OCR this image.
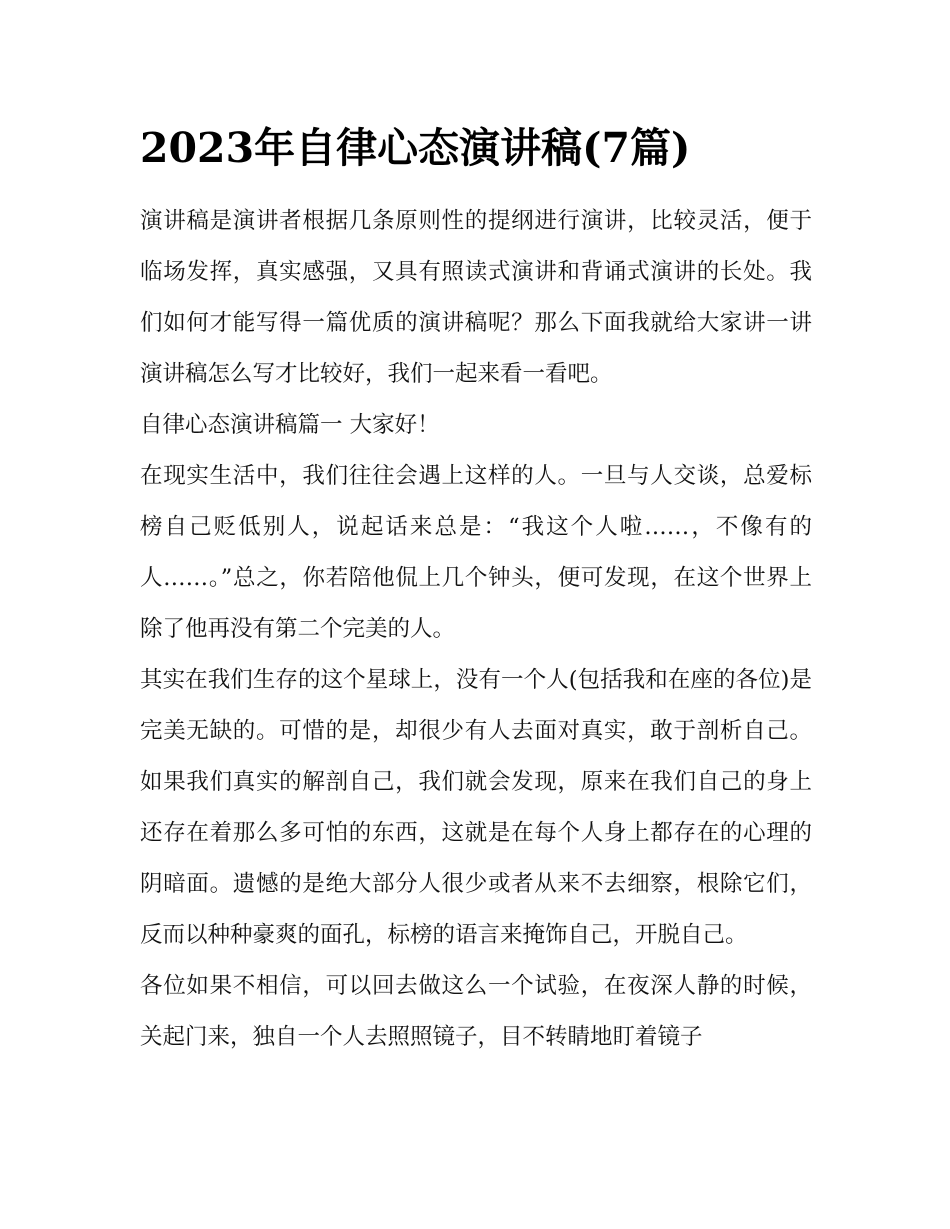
2023年自律心态演讲稿(7篇)

演讲稿是演讲者根据几条原则性的提纲进行演讲，比较灵活，便于临场发挥，真实感强，又具有照读式演讲和背诵式演讲的长处。我们如何才能写得一篇优质的演讲稿呢？那么下面我就给大家讲一讲演讲稿怎么写才比较好，我们一起来看一看吧。

自律心态演讲稿篇一 大家好！

在现实生活中，我们往往会遇上这样的人。一旦与人交谈，总爱标榜自己贬低别人，说起话来总是：“我这个人啦……，不像有的人……。”总之，你若陪他侃上几个钟头，便可发现，在这个世界上除了他再没有第二个完美的人。

其实在我们生存的这个星球上，没有一个人(包括我和在座的各位)是完美无缺的。可惜的是，却很少有人去面对真实，敢于剖析自己。如果我们真实的解剖自己，我们就会发现，原来在我们自己的身上还存在着那么多可怕的东西，这就是在每个人身上都存在的心理的阴暗面。遗憾的是绝大部分人很少或者从来不去细察，根除它们，反而以种种豪爽的面孔，标榜的语言来掩饰自己，开脱自己。

各位如果不相信，可以回去做这么一个试验，在夜深人静的时候，关起门来，独自一个人去照照镜子，目不转睛地盯着镜子
